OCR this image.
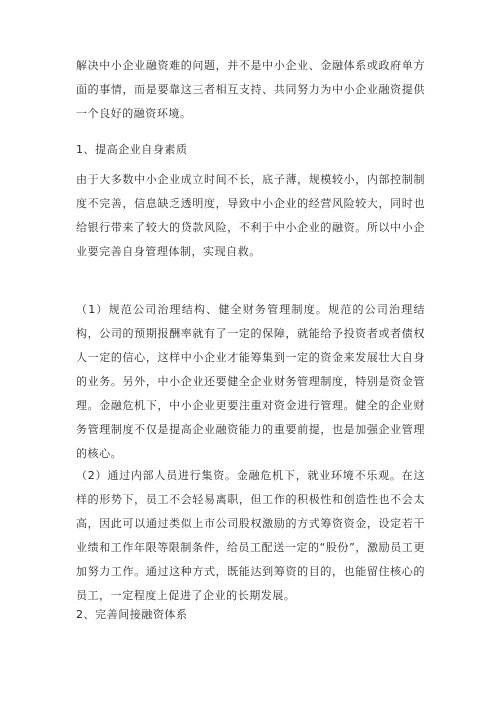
解决中小企业融资难的问题，并不是中小企业、金融体系或政府单方面的事情，而是要靠这三者相互支持、共同努力为中小企业融资提供一个良好的融资环境。

1、提高企业自身素质

由于大多数中小企业成立时间不长，底子薄，规模较小，内部控制制度不完善，信息缺乏透明度，导致中小企业的经营风险较大，同时也给银行带来了较大的贷款风险，不利于中小企业的融资。所以中小企业要完善自身管理体制，实现自救。

（1）规范公司治理结构、健全财务管理制度。规范的公司治理结构，公司的预期报酬率就有了一定的保障，就能给予投资者或者债权人一定的信心，这样中小企业才能筹集到一定的资金来发展壮大自身的业务。另外，中小企业还要健全企业财务管理制度，特别是资金管理。金融危机下，中小企业更要注重对资金进行管理。健全的企业财务管理制度不仅是提高企业融资能力的重要前提，也是加强企业管理的核心。

（2）通过内部人员进行集资。金融危机下，就业环境不乐观。在这样的形势下，员工不会轻易离职，但工作的积极性和创造性也不会太高，因此可以通过类似上市公司股权激励的方式筹资资金，设定若干业绩和工作年限等限制条件，给员工配送一定的“股份”，激励员工更加努力工作。通过这种方式，既能达到筹资的目的，也能留住核心的员工，一定程度上促进了企业的长期发展。

2、完善间接融资体系
